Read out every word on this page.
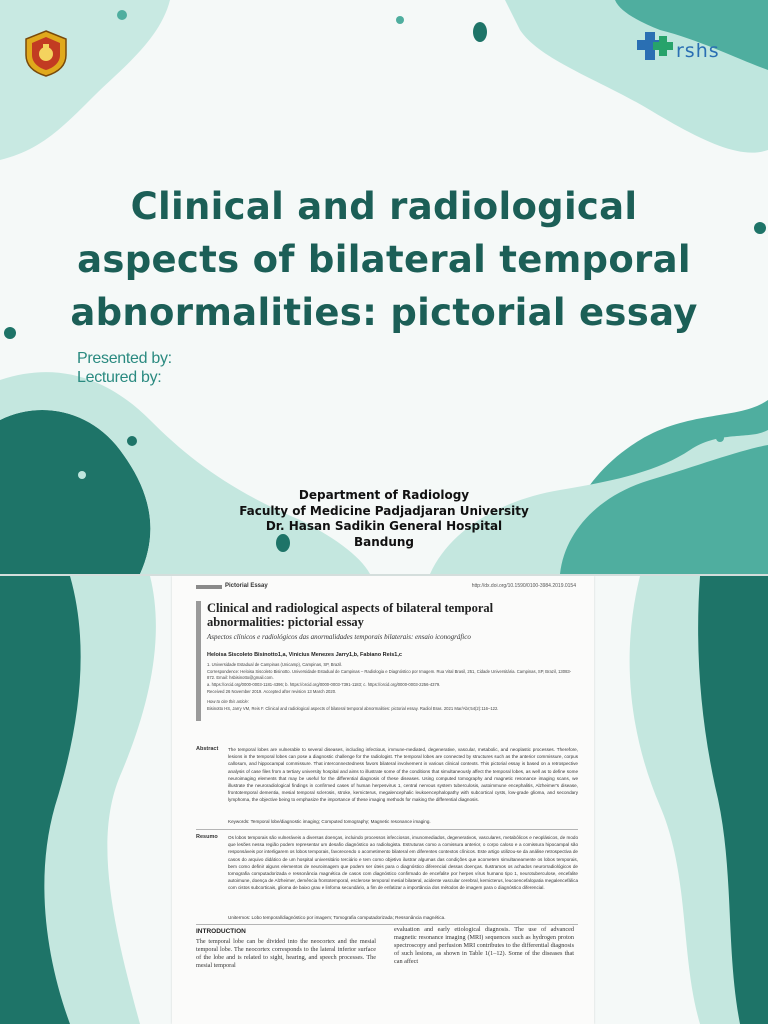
rshs
Clinical and radiological
aspects of bilateral temporal
abnormalities: pictorial essay
Presented by:
Lectured by:
Department of Radiology
Faculty of Medicine Padjadjaran University
Dr. Hasan Sadikin General Hospital
Bandung
Pictorial Essay	http://dx.doi.org/10.1590/0100-3984.2019.0154
Clinical and radiological aspects of bilateral temporal abnormalities: pictorial essay
Aspectos clínicos e radiológicos das anormalidades temporais bilaterais: ensaio iconográfico
Heloisa Siscoleto Bisinotto1,a, Vinicius Menezes Jarry1,b, Fabiano Reis1,c
1. Universidade Estadual de Campinas (Unicamp), Campinas, SP, Brazil.
Correspondence: Heloisa Siscoleto Bisinotto. Universidade Estadual de Campinas – Radiologia e Diagnóstico por Imagem. Rua Vital Brasil, 251, Cidade Universitária. Campinas, SP, Brazil, 13083-872. Email: hsbisinotto@gmail.com.
a. https://orcid.org/0000-0003-1181-4396; b. https://orcid.org/0000-0003-7391-1183; c. https://orcid.org/0000-0003-2256-4379.
Received 26 November 2019. Accepted after revision 13 March 2020.
How to cite this article:
Bisinotto HS, Jarry VM, Reis F. Clinical and radiological aspects of bilateral temporal abnormalities: pictorial essay. Radiol Bras. 2021 Mar/Abr;54(2):116–122.
Abstract The temporal lobes are vulnerable to several diseases, including infectious, immune-mediated, degenerative, vascular, metabolic, and neoplastic processes. Therefore, lesions in the temporal lobes can pose a diagnostic challenge for the radiologist. The temporal lobes are connected by structures such as the anterior commissure, corpus callosum, and hippocampal commissure. That interconnectedness favors bilateral involvement in various clinical contexts. This pictorial essay is based on a retrospective analysis of case files from a tertiary university hospital and aims to illustrate some of the conditions that simultaneously affect the temporal lobes, as well as to define some neuroimaging elements that may be useful for the differential diagnosis of these diseases. Using computed tomography and magnetic resonance imaging scans, we illustrate the neuroradiological findings in confirmed cases of human herpesvirus 1, central nervous system tuberculosis, autoimmune encephalitis, Alzheimer's disease, frontotemporal dementia, mesial temporal sclerosis, stroke, kernicterus, megalencephalic leukoencephalopathy with subcortical cysts, low-grade glioma, and secondary lymphoma, the objective being to emphasize the importance of these imaging methods for making the differential diagnosis.
Keywords: Temporal lobe/diagnostic imaging; Computed tomography; Magnetic resonance imaging.
Resumo Os lobos temporais são vulneráveis a diversas doenças, incluindo processos infecciosos, imunomediados, degenerativos, vasculares, metabólicos e neoplásicos, de modo que lesões nessa região podem representar um desafio diagnóstico ao radiologista. Estruturas como a comissura anterior, o corpo caloso e a comissura hipocampal são responsáveis por interligarem os lobos temporais, favorecendo o acometimento bilateral em diferentes contextos clínicos. Este artigo utilizou-se da análise retrospectiva de casos do arquivo didático de um hospital universitário terciário e tem como objetivo ilustrar algumas das condições que acometem simultaneamente os lobos temporais, bem como definir alguns elementos de neuroimagem que podem ser úteis para o diagnóstico diferencial dessas doenças. Ilustramos os achados neurorradiológicos de tomografia computadorizada e ressonância magnética de casos com diagnóstico confirmado de encefalite por herpes vírus humano tipo 1, neurotuberculose, encefalite autoimune, doença de Alzheimer, demência frontotemporal, esclerose temporal mesial bilateral, acidente vascular cerebral, kernicterus, leucoencefalopatia megalencefálica com cistos subcorticais, glioma de baixo grau e linfoma secundário, a fim de enfatizar a importância dos métodos de imagem para o diagnóstico diferencial.
Unitermos: Lobo temporal/diagnóstico por imagem; Tomografia computadorizada; Ressonância magnética.
INTRODUCTION
The temporal lobe can be divided into the neocortex and the mesial temporal lobe. The neocortex corresponds to the lateral inferior surface of the lobe and is related to sight, hearing, and speech processes. The mesial temporal
evaluation and early etiological diagnosis. The use of advanced magnetic resonance imaging (MRI) sequences such as hydrogen proton spectroscopy and perfusion MRI contributes to the differential diagnosis of such lesions, as shown in Table 1(1–12). Some of the diseases that can affect
